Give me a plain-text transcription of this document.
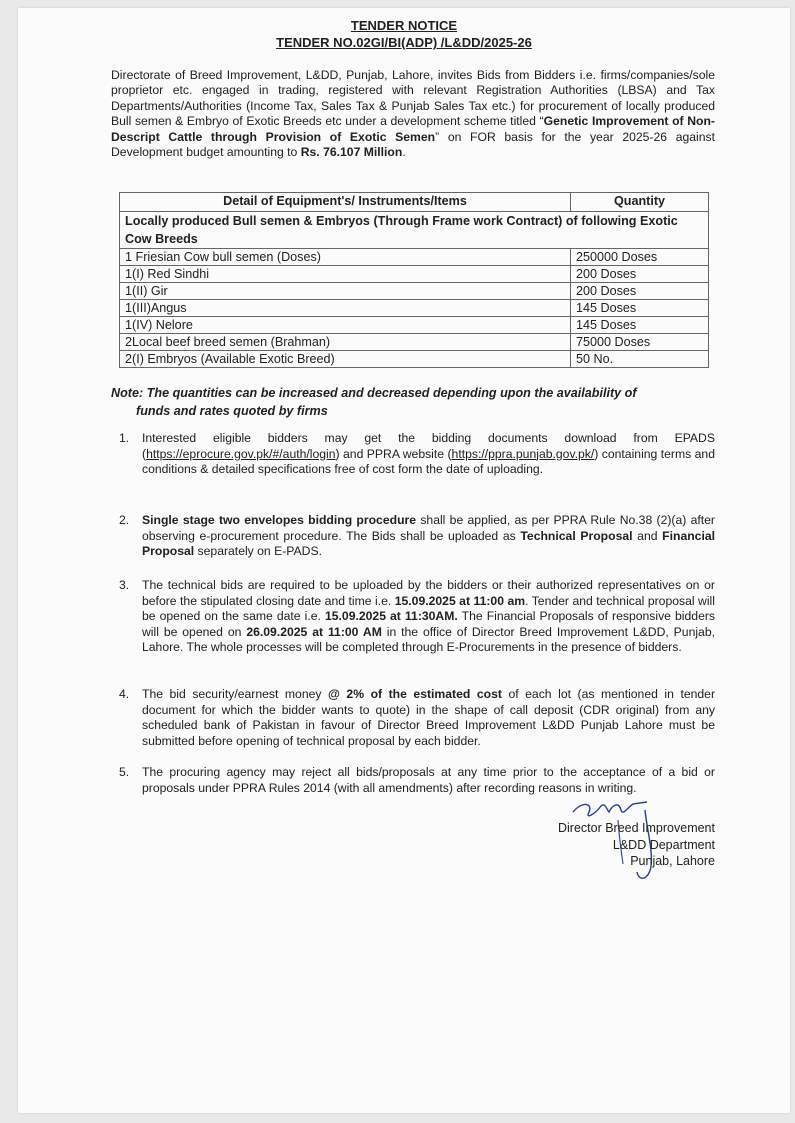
TENDER NOTICE
TENDER NO.02GI/BI(ADP) /L&DD/2025-26

Directorate of Breed Improvement, L&DD, Punjab, Lahore, invites Bids from Bidders i.e. firms/companies/sole proprietor etc. engaged in trading, registered with relevant Registration Authorities (LBSA) and Tax Departments/Authorities (Income Tax, Sales Tax & Punjab Sales Tax etc.) for procurement of locally produced Bull semen & Embryo of Exotic Breeds etc under a development scheme titled “Genetic Improvement of Non-Descript Cattle through Provision of Exotic Semen” on FOR basis for the year 2025-26 against Development budget amounting to Rs. 76.107 Million.

Detail of Equipment's/ Instruments/Items	Quantity
Locally produced Bull semen & Embryos (Through Frame work Contract) of following Exotic Cow Breeds	
1 Friesian Cow bull semen (Doses)	250000 Doses
1(I) Red Sindhi	200 Doses
1(II) Gir	200 Doses
1(III)Angus	145 Doses
1(IV) Nelore	145 Doses
2Local beef breed semen (Brahman)	75000 Doses
2(I) Embryos (Available Exotic Breed)	50 No.

Note: The quantities can be increased and decreased depending upon the availability of
funds and rates quoted by firms

1. Interested eligible bidders may get the bidding documents download from EPADS (https://eprocure.gov.pk/#/auth/login) and PPRA website (https://ppra.punjab.gov.pk/) containing terms and conditions & detailed specifications free of cost form the date of uploading.
2. Single stage two envelopes bidding procedure shall be applied, as per PPRA Rule No.38 (2)(a) after observing e-procurement procedure. The Bids shall be uploaded as Technical Proposal and Financial Proposal separately on E-PADS.
3. The technical bids are required to be uploaded by the bidders or their authorized representatives on or before the stipulated closing date and time i.e. 15.09.2025 at 11:00 am. Tender and technical proposal will be opened on the same date i.e. 15.09.2025 at 11:30AM. The Financial Proposals of responsive bidders will be opened on 26.09.2025 at 11:00 AM in the office of Director Breed Improvement L&DD, Punjab, Lahore. The whole processes will be completed through E-Procurements in the presence of bidders.
4. The bid security/earnest money @ 2% of the estimated cost of each lot (as mentioned in tender document for which the bidder wants to quote) in the shape of call deposit (CDR original) from any scheduled bank of Pakistan in favour of Director Breed Improvement L&DD Punjab Lahore must be submitted before opening of technical proposal by each bidder.
5. The procuring agency may reject all bids/proposals at any time prior to the acceptance of a bid or proposals under PPRA Rules 2014 (with all amendments) after recording reasons in writing.
Director Breed Improvement
L&DD Department
Punjab, Lahore
